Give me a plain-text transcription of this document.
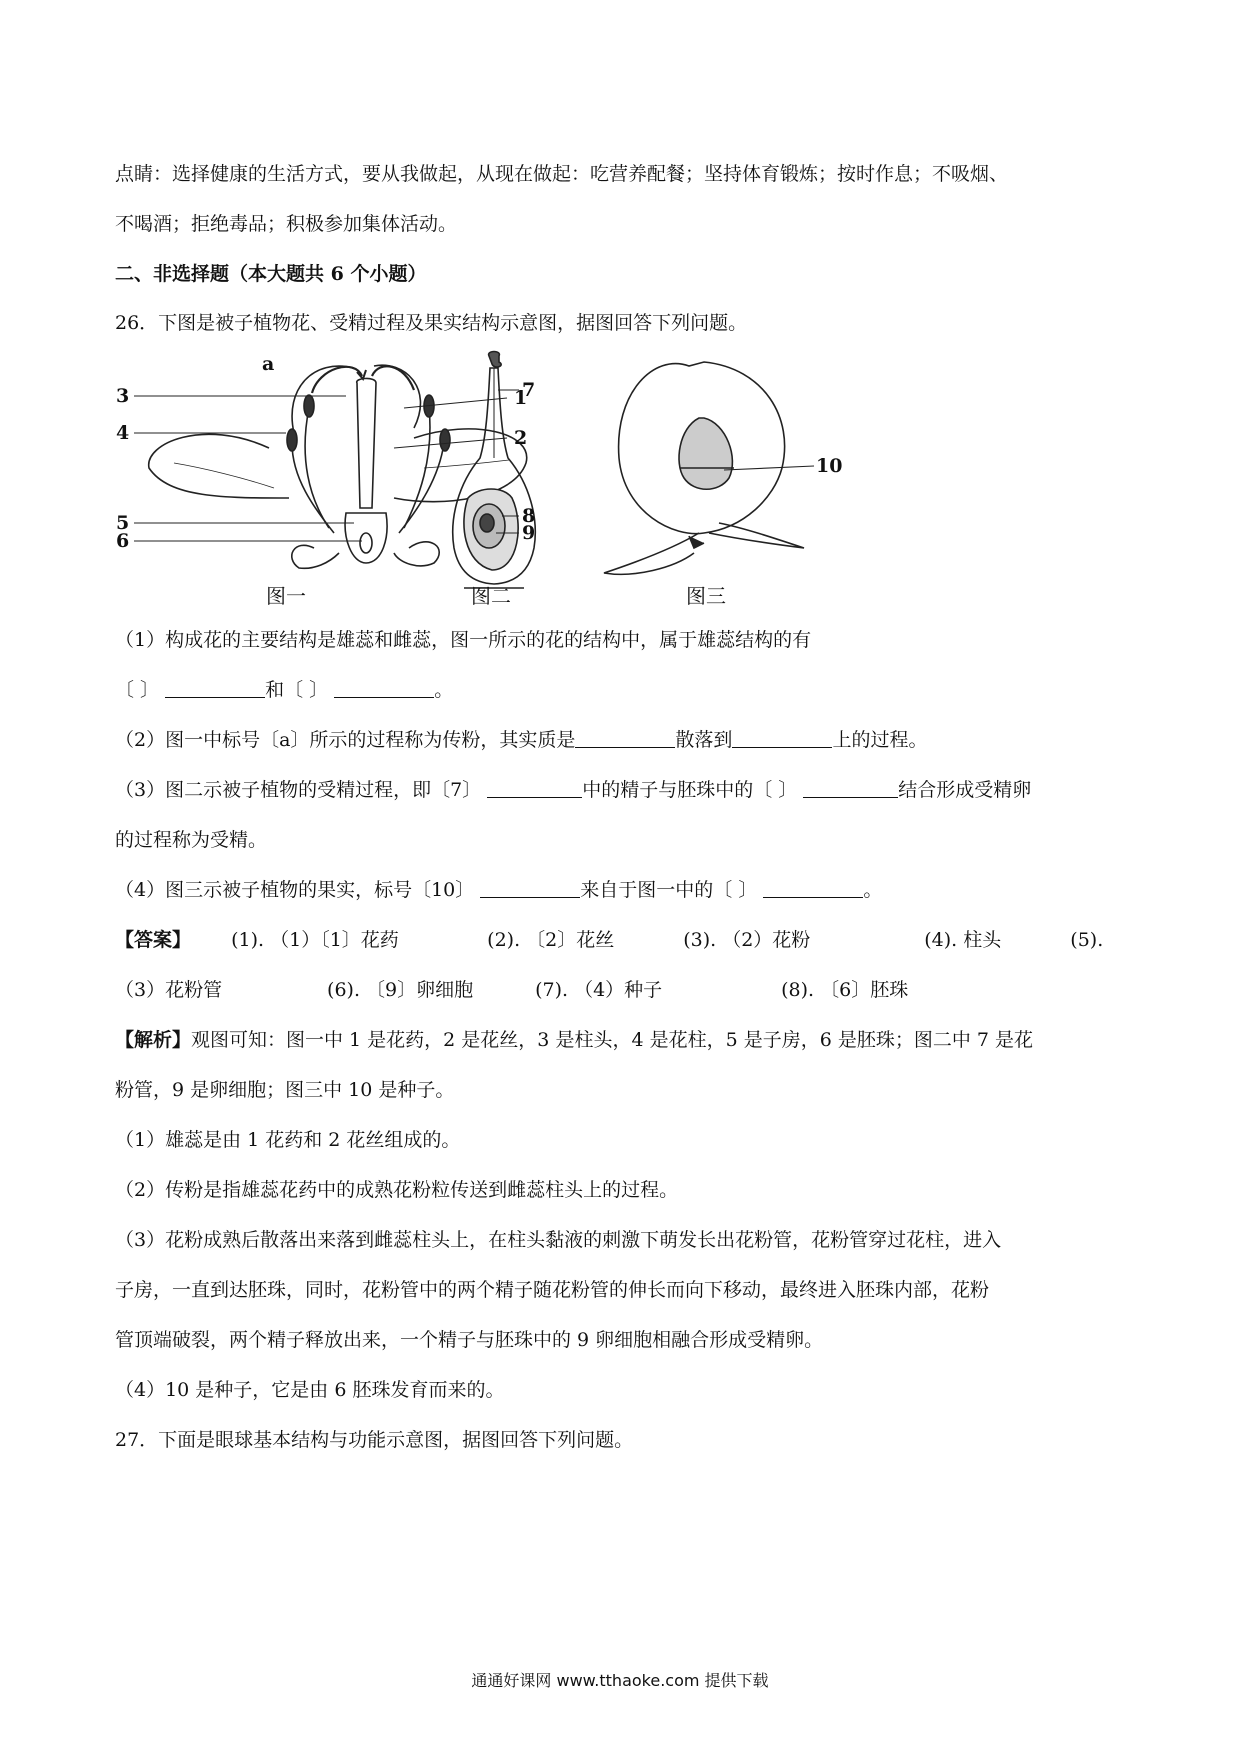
点睛：选择健康的生活方式，要从我做起，从现在做起：吃营养配餐；坚持体育锻炼；按时作息；不吸烟、
不喝酒；拒绝毒品；积极参加集体活动。
二、非选择题（本大题共 6 个小题）
26．下图是被子植物花、受精过程及果实结构示意图，据图回答下列问题。
a
1
2
3
4
5
6
图一
7
8
9
图二
10
图三
（1）构成花的主要结构是雄蕊和雌蕊，图一所示的花的结构中，属于雄蕊结构的有
〔 〕	和〔 〕	。
（2）图一中标号〔a〕所示的过程称为传粉，其实质是	散落到	上的过程。
（3）图二示被子植物的受精过程，即〔7〕	中的精子与胚珠中的〔 〕	结合形成受精卵
的过程称为受精。
（4）图三示被子植物的果实，标号〔10〕	来自于图一中的〔 〕	。
【答案】 (1). （1）〔1〕花药	(2). 〔2〕花丝	(3). （2）花粉	(4). 柱头	(5).
（3）花粉管	(6). 〔9〕卵细胞	(7). （4）种子	(8). 〔6〕胚珠
【解析】观图可知：图一中 1 是花药，2 是花丝，3 是柱头，4 是花柱，5 是子房，6 是胚珠；图二中 7 是花
粉管，9 是卵细胞；图三中 10 是种子。
（1）雄蕊是由 1 花药和 2 花丝组成的。
（2）传粉是指雄蕊花药中的成熟花粉粒传送到雌蕊柱头上的过程。
（3）花粉成熟后散落出来落到雌蕊柱头上，在柱头黏液的刺激下萌发长出花粉管，花粉管穿过花柱，进入
子房，一直到达胚珠，同时，花粉管中的两个精子随花粉管的伸长而向下移动，最终进入胚珠内部，花粉
管顶端破裂，两个精子释放出来，一个精子与胚珠中的 9 卵细胞相融合形成受精卵。
（4）10 是种子，它是由 6 胚珠发育而来的。
27．下面是眼球基本结构与功能示意图，据图回答下列问题。
通通好课网 www.tthaoke.com 提供下载
